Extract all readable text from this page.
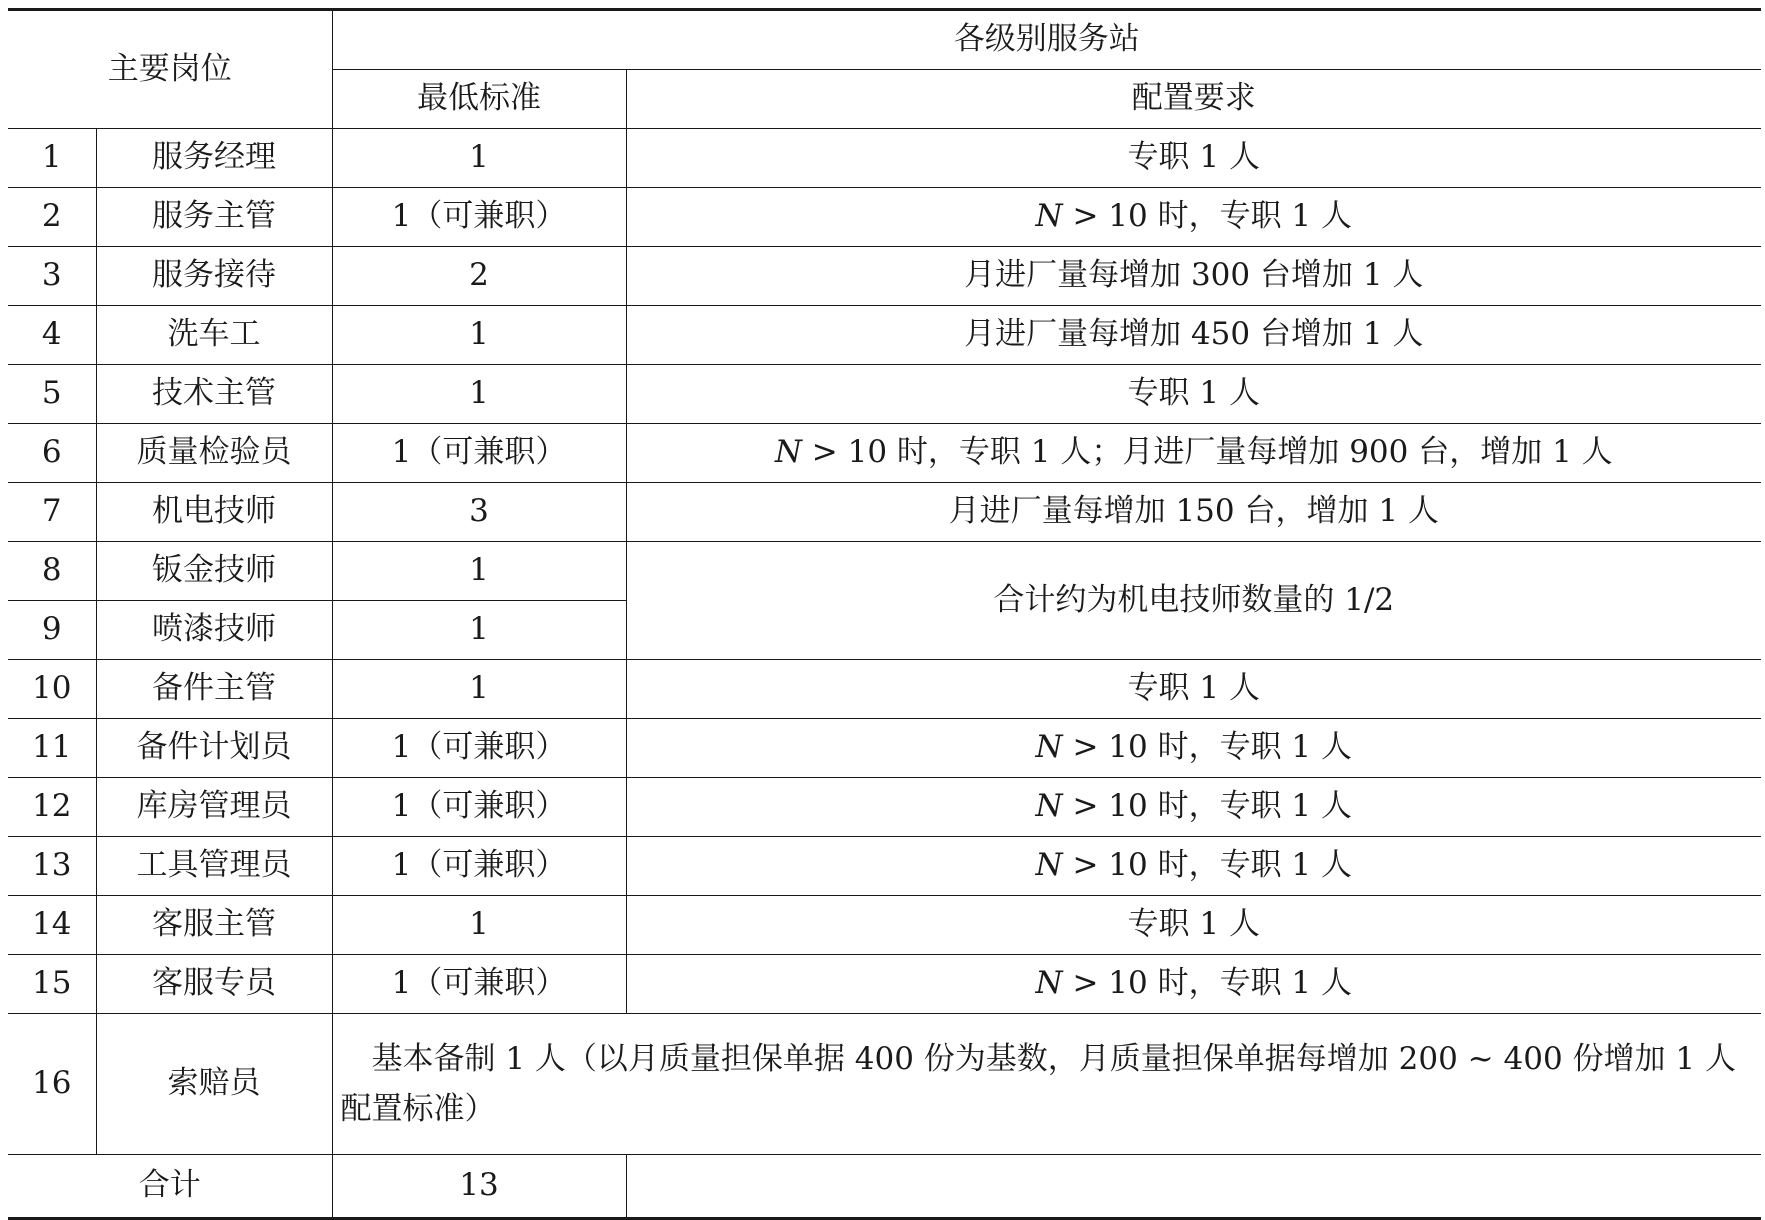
主要岗位		各级别服务站	
		最低标准	配置要求
1	服务经理	1	专职 1 人
2	服务主管	1（可兼职）	N > 10 时，专职 1 人
3	服务接待	2	月进厂量每增加 300 台增加 1 人
4	洗车工	1	月进厂量每增加 450 台增加 1 人
5	技术主管	1	专职 1 人
6	质量检验员	1（可兼职）	N > 10 时，专职 1 人；月进厂量每增加 900 台，增加 1 人
7	机电技师	3	月进厂量每增加 150 台，增加 1 人
8	钣金技师	1	合计约为机电技师数量的 1/2
9	喷漆技师	1	
10	备件主管	1	专职 1 人
11	备件计划员	1（可兼职）	N > 10 时，专职 1 人
12	库房管理员	1（可兼职）	N > 10 时，专职 1 人
13	工具管理员	1（可兼职）	N > 10 时，专职 1 人
14	客服主管	1	专职 1 人
15	客服专员	1（可兼职）	N > 10 时，专职 1 人
16	索赔员	　基本备制 1 人（以月质量担保单据 400 份为基数，月质量担保单据每增加 200 ~ 400 份增加 1 人配置标准）	
合计		13	
